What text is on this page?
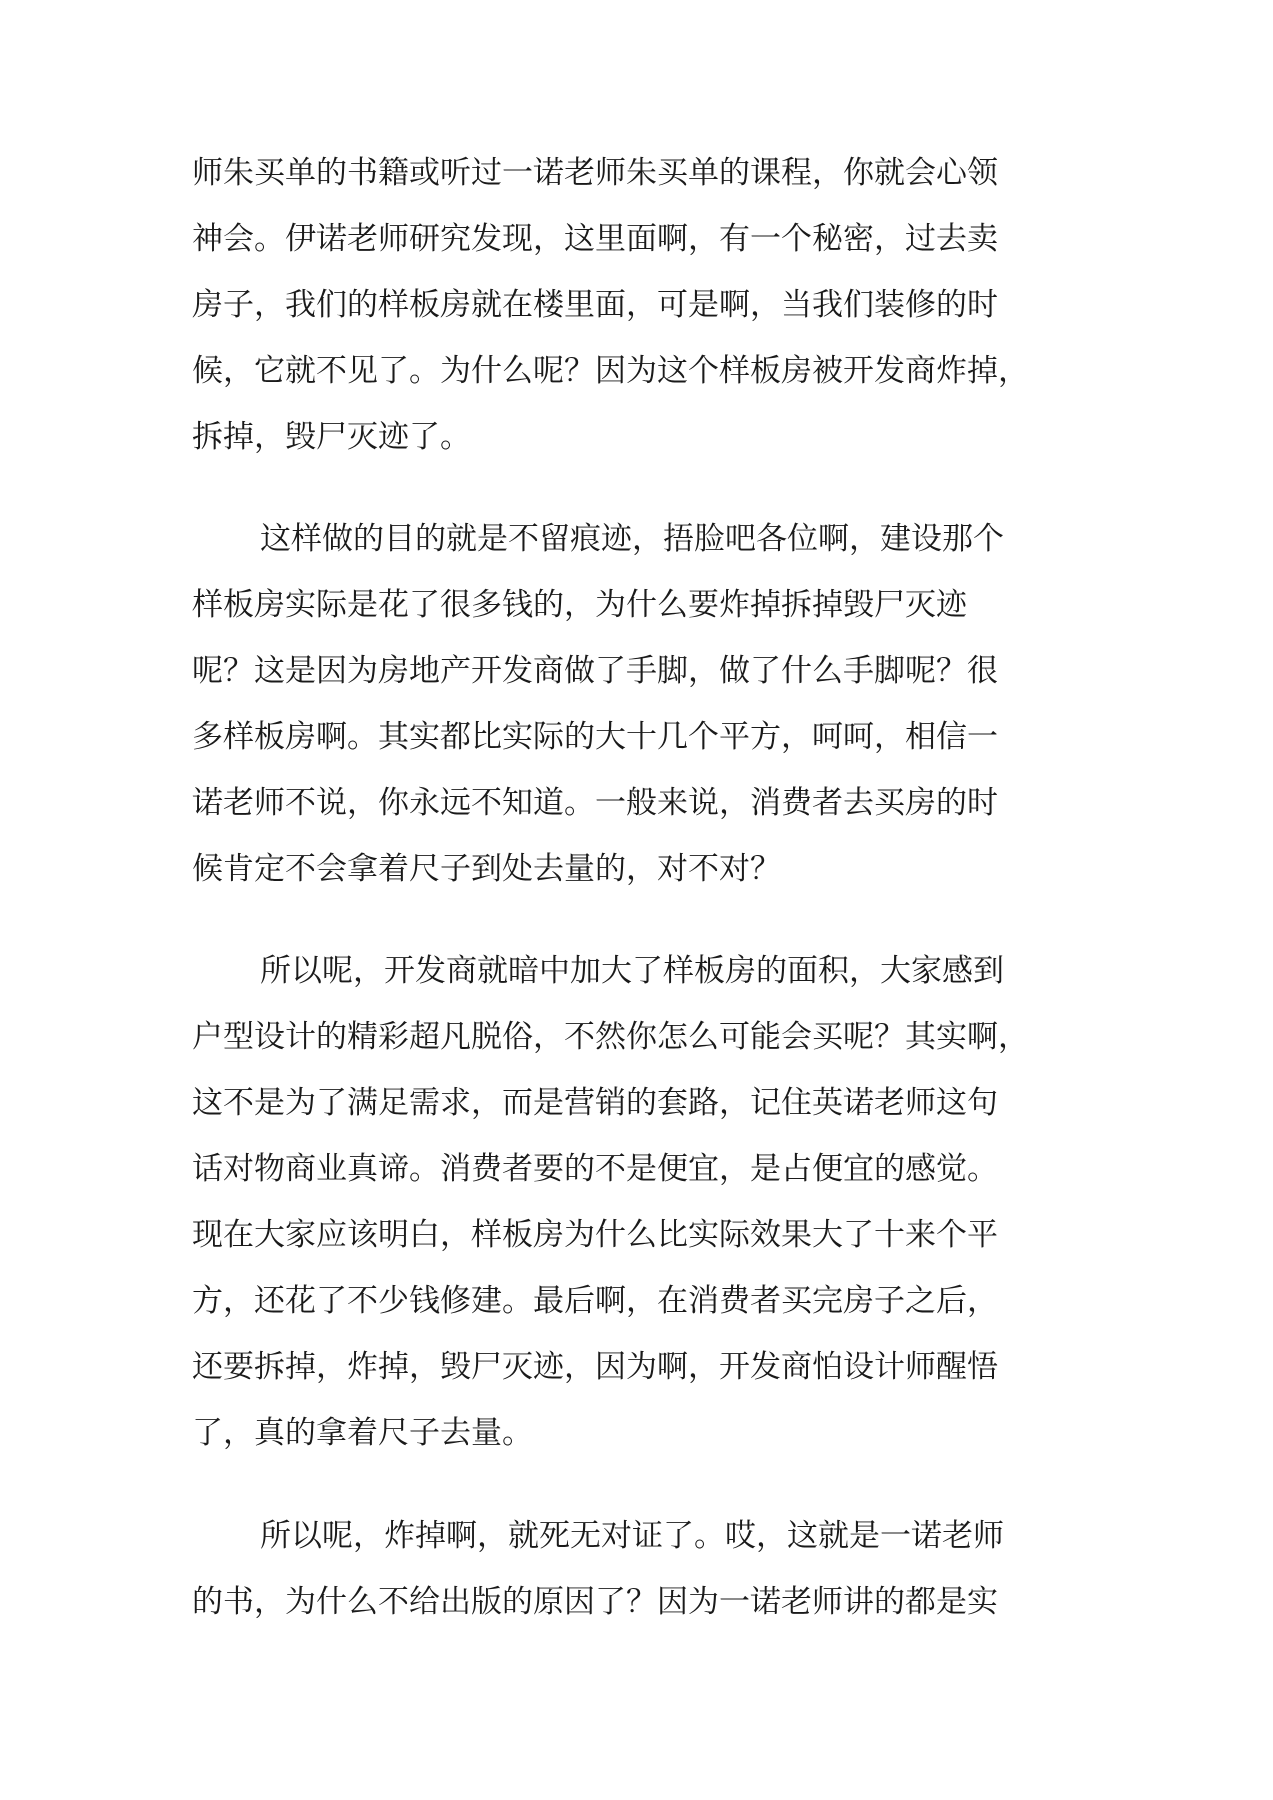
师朱买单的书籍或听过一诺老师朱买单的课程，你就会心领
神会。伊诺老师研究发现，这里面啊，有一个秘密，过去卖
房子，我们的样板房就在楼里面，可是啊，当我们装修的时
候，它就不见了。为什么呢？因为这个样板房被开发商炸掉，
拆掉，毁尸灭迹了。
这样做的目的就是不留痕迹，捂脸吧各位啊，建设那个
样板房实际是花了很多钱的，为什么要炸掉拆掉毁尸灭迹
呢？这是因为房地产开发商做了手脚，做了什么手脚呢？很
多样板房啊。其实都比实际的大十几个平方，呵呵，相信一
诺老师不说，你永远不知道。一般来说，消费者去买房的时
候肯定不会拿着尺子到处去量的，对不对？
所以呢，开发商就暗中加大了样板房的面积，大家感到
户型设计的精彩超凡脱俗，不然你怎么可能会买呢？其实啊，
这不是为了满足需求，而是营销的套路，记住英诺老师这句
话对物商业真谛。消费者要的不是便宜，是占便宜的感觉。
现在大家应该明白，样板房为什么比实际效果大了十来个平
方，还花了不少钱修建。最后啊，在消费者买完房子之后，
还要拆掉，炸掉，毁尸灭迹，因为啊，开发商怕设计师醒悟
了，真的拿着尺子去量。
所以呢，炸掉啊，就死无对证了。哎，这就是一诺老师
的书，为什么不给出版的原因了？因为一诺老师讲的都是实
